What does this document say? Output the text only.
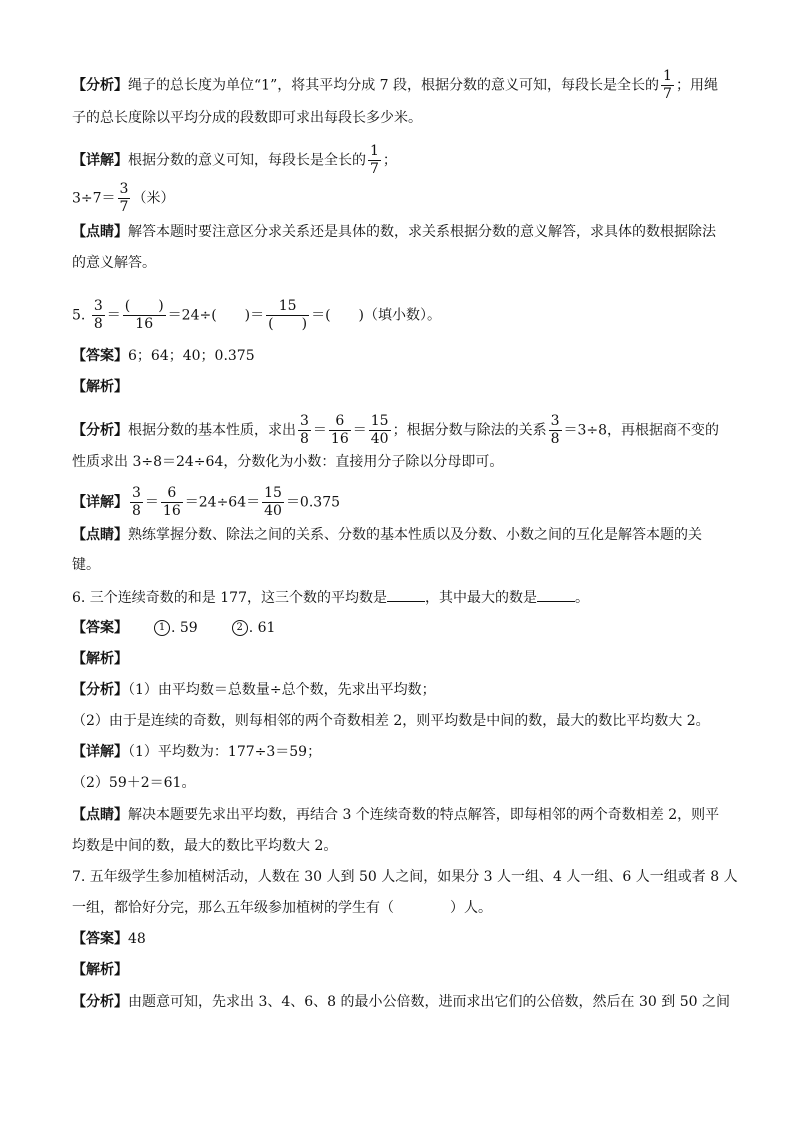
【分析】绳子的总长度为单位“1”，将其平均分成 7 段，根据分数的意义可知，每段长是全长的 $\frac{1}{7}$ ；用绳
子的总长度除以平均分成的段数即可求出每段长多少米。
【详解】根据分数的意义可知，每段长是全长的 $\frac{1}{7}$ ；
$3\div 7= \frac{3}{7}$ （米）
【点睛】解答本题时要注意区分求关系还是具体的数，求关系根据分数的意义解答，求具体的数根据除法
的意义解答。
5. $\frac{3}{8} = \frac{( )}{16} =24\div$(　　)＝ $\frac{15}{( )}$ ＝(　　)（填小数）。
【答案】6；64；40；0.375
【解析】
【分析】根据分数的基本性质，求出 $\frac{3}{8} = \frac{6}{16} = \frac{15}{40}$ ；根据分数与除法的关系 $\frac{3}{8} =3\div 8$，再根据商不变的
性质求出 3÷8＝24÷64，分数化为小数：直接用分子除以分母即可。
【详解】 $\frac{3}{8} = \frac{6}{16} =24\div 64= \frac{15}{40} =0.375$
【点睛】熟练掌握分数、除法之间的关系、分数的基本性质以及分数、小数之间的互化是解答本题的关
键。
6. 三个连续奇数的和是 177，这三个数的平均数是	，其中最大的数是	。
【答案】	1 . 59	2 . 61
【解析】
【分析】（1）由平均数＝总数量÷总个数，先求出平均数；
（2）由于是连续的奇数，则每相邻的两个奇数相差 2，则平均数是中间的数，最大的数比平均数大 2。
【详解】（1）平均数为：177÷3＝59；
（2）59＋2＝61。
【点睛】解决本题要先求出平均数，再结合 3 个连续奇数的特点解答，即每相邻的两个奇数相差 2，则平
均数是中间的数，最大的数比平均数大 2。
7. 五年级学生参加植树活动，人数在 30 人到 50 人之间，如果分 3 人一组、4 人一组、6 人一组或者 8 人
一组，都恰好分完，那么五年级参加植树的学生有（　　　　）人。
【答案】48
【解析】
【分析】由题意可知，先求出 3、4、6、8 的最小公倍数，进而求出它们的公倍数，然后在 30 到 50 之间
